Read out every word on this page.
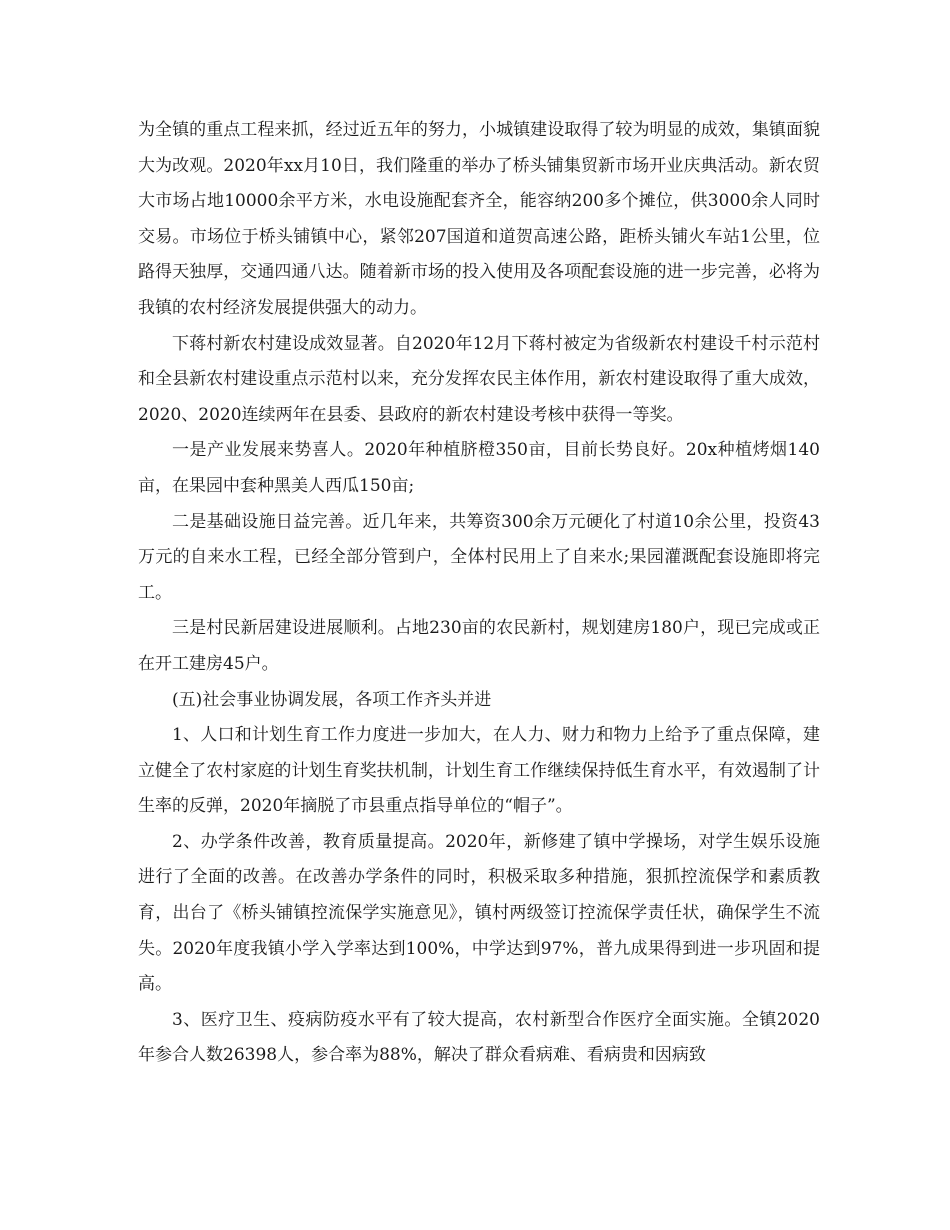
为全镇的重点工程来抓，经过近五年的努力，小城镇建设取得了较为明显的成效，集镇面貌大为改观。2020年xx月10日，我们隆重的举办了桥头铺集贸新市场开业庆典活动。新农贸大市场占地10000余平方米，水电设施配套齐全，能容纳200多个摊位，供3000余人同时交易。市场位于桥头铺镇中心，紧邻207国道和道贺高速公路，距桥头铺火车站1公里，位路得天独厚，交通四通八达。随着新市场的投入使用及各项配套设施的进一步完善，必将为我镇的农村经济发展提供强大的动力。

下蒋村新农村建设成效显著。自2020年12月下蒋村被定为省级新农村建设千村示范村和全县新农村建设重点示范村以来，充分发挥农民主体作用，新农村建设取得了重大成效，2020、2020连续两年在县委、县政府的新农村建设考核中获得一等奖。

一是产业发展来势喜人。2020年种植脐橙350亩，目前长势良好。20x种植烤烟140亩，在果园中套种黑美人西瓜150亩;

二是基础设施日益完善。近几年来，共筹资300余万元硬化了村道10余公里，投资43万元的自来水工程，已经全部分管到户，全体村民用上了自来水;果园灌溉配套设施即将完工。

三是村民新居建设进展顺利。占地230亩的农民新村，规划建房180户，现已完成或正在开工建房45户。

(五)社会事业协调发展，各项工作齐头并进

1、人口和计划生育工作力度进一步加大，在人力、财力和物力上给予了重点保障，建立健全了农村家庭的计划生育奖扶机制，计划生育工作继续保持低生育水平，有效遏制了计生率的反弹，2020年摘脱了市县重点指导单位的“帽子”。

2、办学条件改善，教育质量提高。2020年，新修建了镇中学操场，对学生娱乐设施进行了全面的改善。在改善办学条件的同时，积极采取多种措施，狠抓控流保学和素质教育，出台了《桥头铺镇控流保学实施意见》，镇村两级签订控流保学责任状，确保学生不流失。2020年度我镇小学入学率达到100%，中学达到97%，普九成果得到进一步巩固和提高。

3、医疗卫生、疫病防疫水平有了较大提高，农村新型合作医疗全面实施。全镇2020年参合人数26398人，参合率为88%，解决了群众看病难、看病贵和因病致
